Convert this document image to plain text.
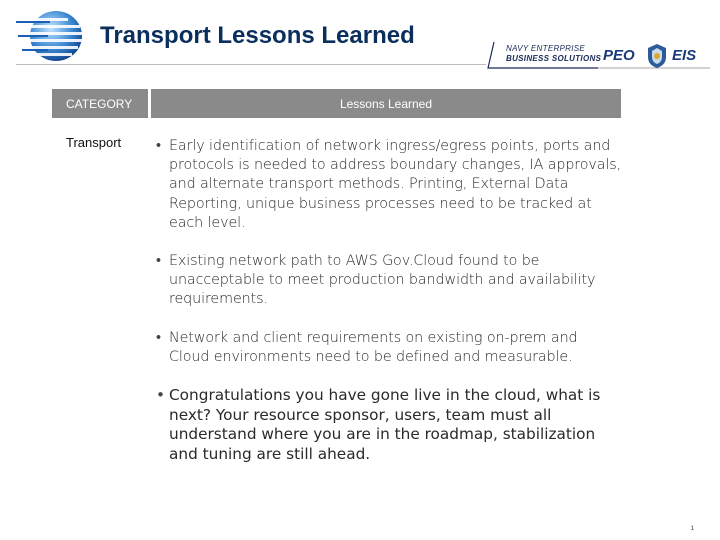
Transport Lessons Learned	NAVY ENTERPRISE
BUSINESS SOLUTIONS PEO EIS
CATEGORY	Lessons Learned
Transport
•	Early identification of network ingress/egress points, ports and protocols is needed to address boundary changes, IA approvals, and alternate transport methods. Printing, External Data Reporting, unique business processes need to be tracked at each level.
• Existing network path to AWS Gov.Cloud found to be unacceptable to meet production bandwidth and availability requirements.
• Network and client requirements on existing on-prem and Cloud environments need to be defined and measurable.
• Congratulations you have gone live in the cloud, what is next? Your resource sponsor, users, team must all understand where you are in the roadmap, stabilization and tuning are still ahead.
1
